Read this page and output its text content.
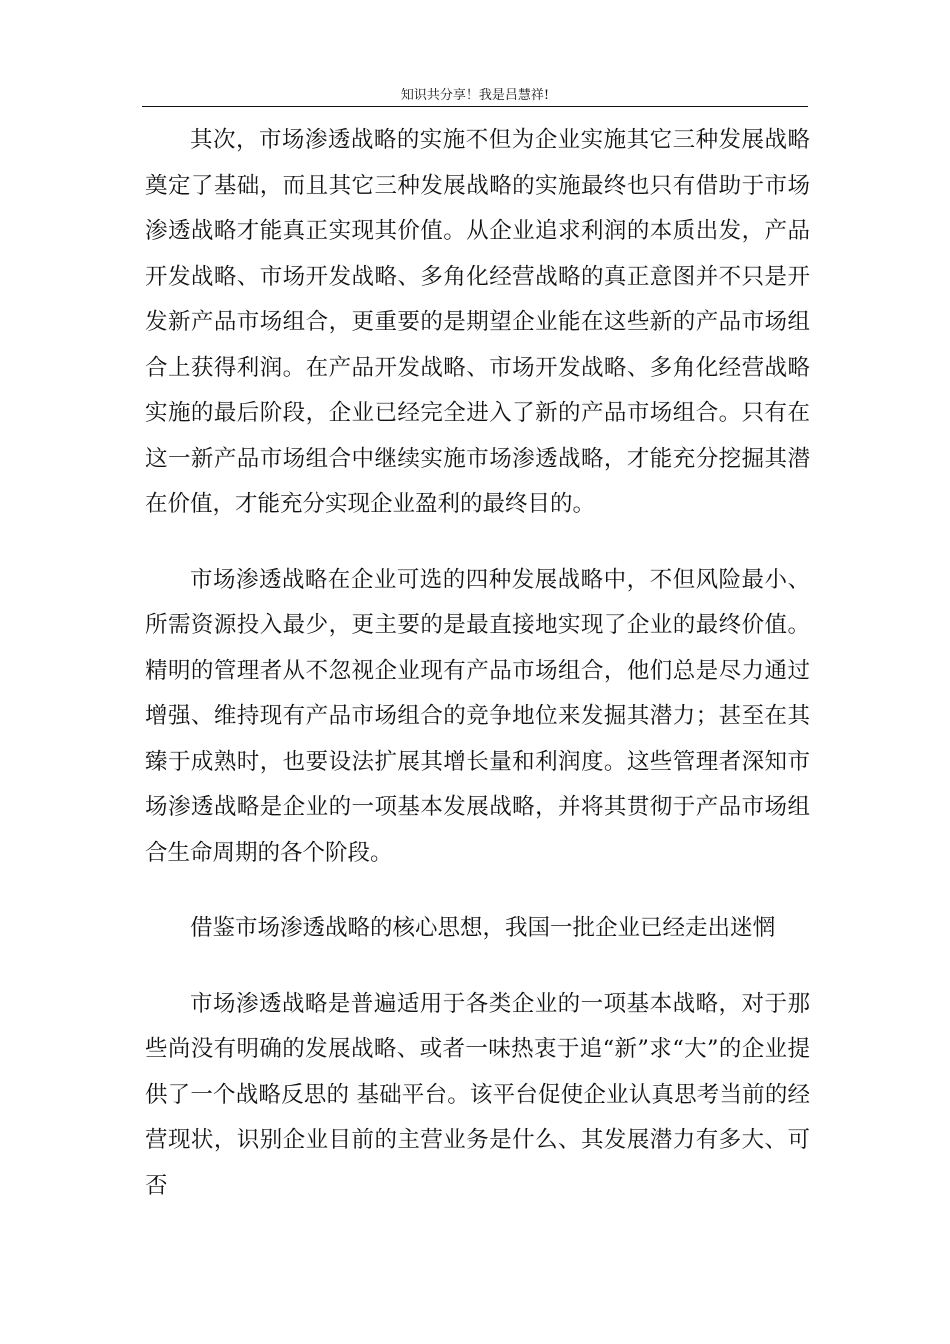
知识共分享！我是吕慧祥!

其次，市场渗透战略的实施不但为企业实施其它三种发展战略奠定了基础，而且其它三种发展战略的实施最终也只有借助于市场渗透战略才能真正实现其价值。从企业追求利润的本质出发，产品开发战略、市场开发战略、多角化经营战略的真正意图并不只是开发新产品市场组合，更重要的是期望企业能在这些新的产品市场组合上获得利润。在产品开发战略、市场开发战略、多角化经营战略实施的最后阶段，企业已经完全进入了新的产品市场组合。只有在这一新产品市场组合中继续实施市场渗透战略，才能充分挖掘其潜在价值，才能充分实现企业盈利的最终目的。

市场渗透战略在企业可选的四种发展战略中，不但风险最小、所需资源投入最少，更主要的是最直接地实现了企业的最终价值。精明的管理者从不忽视企业现有产品市场组合，他们总是尽力通过增强、维持现有产品市场组合的竞争地位来发掘其潜力；甚至在其臻于成熟时，也要设法扩展其增长量和利润度。这些管理者深知市场渗透战略是企业的一项基本发展战略，并将其贯彻于产品市场组合生命周期的各个阶段。

借鉴市场渗透战略的核心思想，我国一批企业已经走出迷惘

市场渗透战略是普遍适用于各类企业的一项基本战略，对于那些尚没有明确的发展战略、或者一味热衷于追“新”求“大”的企业提供了一个战略反思的 基础平台。该平台促使企业认真思考当前的经营现状，识别企业目前的主营业务是什么、其发展潜力有多大、可否
